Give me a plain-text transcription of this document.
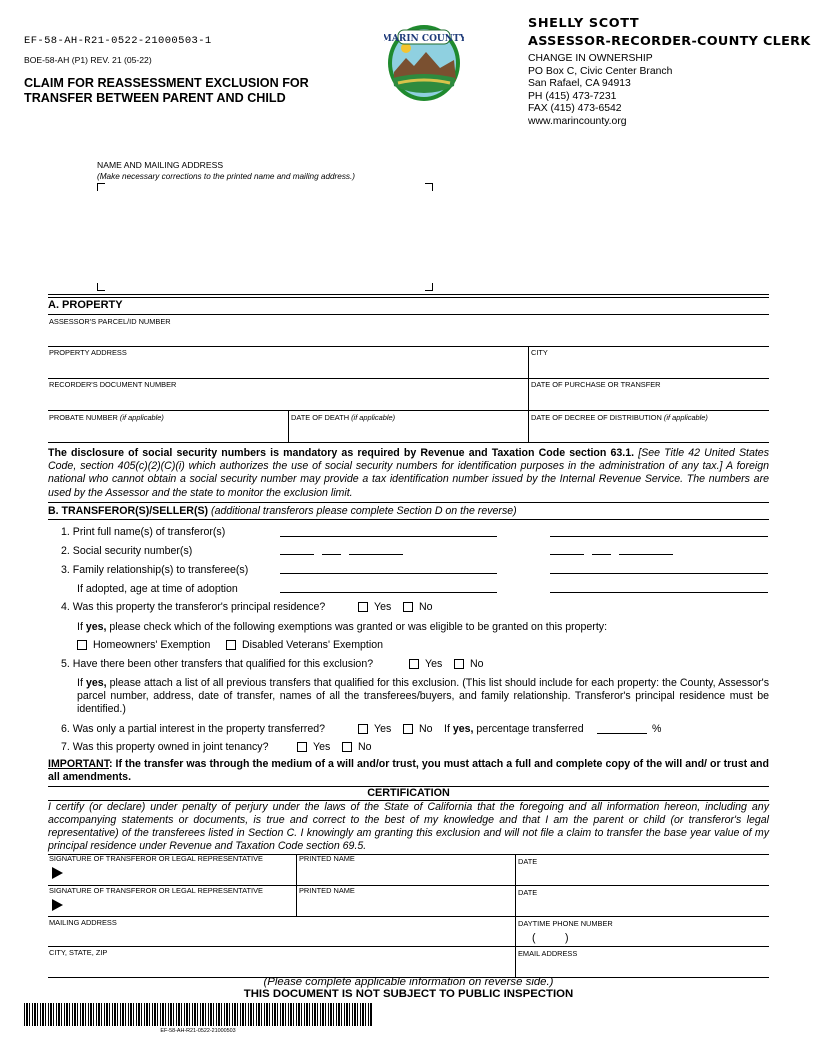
EF-58-AH-R21-0522-21000503-1
BOE-58-AH (P1) REV. 21 (05-22)
CLAIM FOR REASSESSMENT EXCLUSION FOR
TRANSFER BETWEEN PARENT AND CHILD
MARIN COUNTY
SHELLY SCOTT
ASSESSOR-RECORDER-COUNTY CLERK
CHANGE IN OWNERSHIP
PO Box C, Civic Center Branch
San Rafael, CA 94913
PH (415) 473-7231
FAX (415) 473-6542
www.marincounty.org
NAME AND MAILING ADDRESS
(Make necessary corrections to the printed name and mailing address.)
A. PROPERTY
ASSESSOR'S PARCEL/ID NUMBER
PROPERTY ADDRESS	CITY
RECORDER'S DOCUMENT NUMBER	DATE OF PURCHASE OR TRANSFER
PROBATE NUMBER (if applicable)	DATE OF DEATH (if applicable)	DATE OF DECREE OF DISTRIBUTION (if applicable)
The disclosure of social security numbers is mandatory as required by Revenue and Taxation Code section 63.1. [See Title 42 United States Code, section 405(c)(2)(C)(i) which authorizes the use of social security numbers for identification purposes in the administration of any tax.] A foreign national who cannot obtain a social security number may provide a tax identification number issued by the Internal Revenue Service. The numbers are used by the Assessor and the state to monitor the exclusion limit.
B. TRANSFEROR(S)/SELLER(S) (additional transferors please complete Section D on the reverse)
1. Print full name(s) of transferor(s)
2. Social security number(s)
3. Family relationship(s) to transferee(s)
If adopted, age at time of adoption
4. Was this property the transferor's principal residence?	Yes	No
If yes, please check which of the following exemptions was granted or was eligible to be granted on this property:
Homeowners' Exemption	Disabled Veterans' Exemption
5. Have there been other transfers that qualified for this exclusion?	Yes	No
If yes, please attach a list of all previous transfers that qualified for this exclusion. (This list should include for each property: the County, Assessor's parcel number, address, date of transfer, names of all the transferees/buyers, and family relationship. Transferor's principal residence must be identified.)
6. Was only a partial interest in the property transferred?	Yes	No If yes, percentage transferred	%
7. Was this property owned in joint tenancy?	Yes	No
IMPORTANT: If the transfer was through the medium of a will and/or trust, you must attach a full and complete copy of the will and/ or trust and all amendments.
CERTIFICATION
I certify (or declare) under penalty of perjury under the laws of the State of California that the foregoing and all information hereon, including any accompanying statements or documents, is true and correct to the best of my knowledge and that I am the parent or child (or transferor's legal representative) of the transferees listed in Section C. I knowingly am granting this exclusion and will not file a claim to transfer the base year value of my principal residence under Revenue and Taxation Code section 69.5.
SIGNATURE OF TRANSFEROR OR LEGAL REPRESENTATIVE	PRINTED NAME	DATE
SIGNATURE OF TRANSFEROR OR LEGAL REPRESENTATIVE	PRINTED NAME	DATE
MAILING ADDRESS	DAYTIME PHONE NUMBER
(          )
CITY, STATE, ZIP	EMAIL ADDRESS
(Please complete applicable information on reverse side.)
THIS DOCUMENT IS NOT SUBJECT TO PUBLIC INSPECTION
EF-58-AH-R21-0522-21000503
